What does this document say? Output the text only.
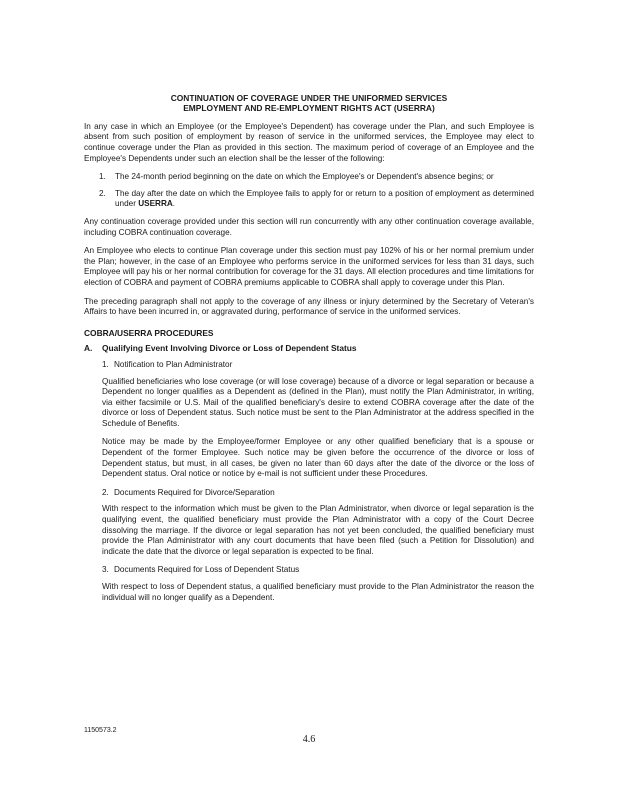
CONTINUATION OF COVERAGE UNDER THE UNIFORMED SERVICES
EMPLOYMENT AND RE-EMPLOYMENT RIGHTS ACT (USERRA)

In any case in which an Employee (or the Employee's Dependent) has coverage under the Plan, and such Employee is absent from such position of employment by reason of service in the uniformed services, the Employee may elect to continue coverage under the Plan as provided in this section. The maximum period of coverage of an Employee and the Employee's Dependents under such an election shall be the lesser of the following:

1.	The 24-month period beginning on the date on which the Employee's or Dependent's absence begins; or
2.	The day after the date on which the Employee fails to apply for or return to a position of employment as determined under USERRA.

Any continuation coverage provided under this section will run concurrently with any other continuation coverage available, including COBRA continuation coverage.

An Employee who elects to continue Plan coverage under this section must pay 102% of his or her normal premium under the Plan; however, in the case of an Employee who performs service in the uniformed services for less than 31 days, such Employee will pay his or her normal contribution for coverage for the 31 days. All election procedures and time limitations for election of COBRA and payment of COBRA premiums applicable to COBRA shall apply to coverage under this Plan.

The preceding paragraph shall not apply to the coverage of any illness or injury determined by the Secretary of Veteran's Affairs to have been incurred in, or aggravated during, performance of service in the uniformed services.

COBRA/USERRA PROCEDURES
A.	Qualifying Event Involving Divorce or Loss of Dependent Status
1. Notification to Plan Administrator

Qualified beneficiaries who lose coverage (or will lose coverage) because of a divorce or legal separation or because a Dependent no longer qualifies as a Dependent as (defined in the Plan), must notify the Plan Administrator, in writing, via either facsimile or U.S. Mail of the qualified beneficiary's desire to extend COBRA coverage after the date of the divorce or loss of Dependent status. Such notice must be sent to the Plan Administrator at the address specified in the Schedule of Benefits.

Notice may be made by the Employee/former Employee or any other qualified beneficiary that is a spouse or Dependent of the former Employee. Such notice may be given before the occurrence of the divorce or loss of Dependent status, but must, in all cases, be given no later than 60 days after the date of the divorce or the loss of Dependent status. Oral notice or notice by e-mail is not sufficient under these Procedures.

2. Documents Required for Divorce/Separation

With respect to the information which must be given to the Plan Administrator, when divorce or legal separation is the qualifying event, the qualified beneficiary must provide the Plan Administrator with a copy of the Court Decree dissolving the marriage. If the divorce or legal separation has not yet been concluded, the qualified beneficiary must provide the Plan Administrator with any court documents that have been filed (such a Petition for Dissolution) and indicate the date that the divorce or legal separation is expected to be final.

3. Documents Required for Loss of Dependent Status

With respect to loss of Dependent status, a qualified beneficiary must provide to the Plan Administrator the reason the individual will no longer qualify as a Dependent.

1150573.2
4.6
